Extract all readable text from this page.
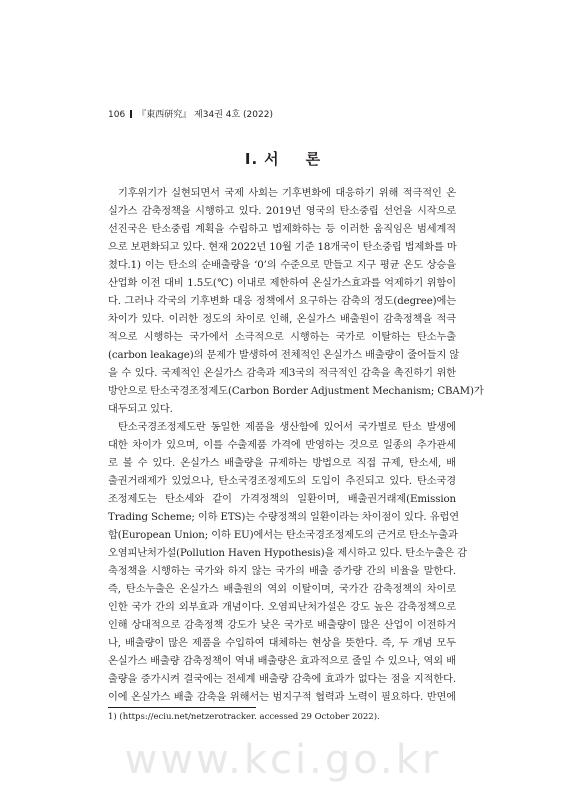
106 『東西硏究』 제34권 4호 (2022)
Ⅰ. 서 론
기후위기가 실현되면서 국제 사회는 기후변화에 대응하기 위해 적극적인 온
실가스 감축정책을 시행하고 있다. 2019년 영국의 탄소중립 선언을 시작으로
선진국은 탄소중립 계획을 수립하고 법제화하는 등 이러한 움직임은 범세계적
으로 보편화되고 있다. 현재 2022년 10월 기준 18개국이 탄소중립 법제화를 마
쳤다.1) 이는 탄소의 순배출량을 ‘0’의 수준으로 만들고 지구 평균 온도 상승을
산업화 이전 대비 1.5도(℃) 이내로 제한하여 온실가스효과를 억제하기 위함이
다. 그러나 각국의 기후변화 대응 정책에서 요구하는 감축의 정도(degree)에는
차이가 있다. 이러한 정도의 차이로 인해, 온실가스 배출원이 감축정책을 적극
적으로 시행하는 국가에서 소극적으로 시행하는 국가로 이탈하는 탄소누출
(carbon leakage)의 문제가 발생하여 전체적인 온실가스 배출량이 줄어들지 않
을 수 있다. 국제적인 온실가스 감축과 제3국의 적극적인 감축을 촉진하기 위한
방안으로 탄소국경조정제도(Carbon Border Adjustment Mechanism; CBAM)가
대두되고 있다.
탄소국경조정제도란 동일한 제품을 생산함에 있어서 국가별로 탄소 발생에
대한 차이가 있으며, 이를 수출제품 가격에 반영하는 것으로 일종의 추가관세
로 볼 수 있다. 온실가스 배출량을 규제하는 방법으로 직접 규제, 탄소세, 배
출권거래제가 있었으나, 탄소국경조정제도의 도입이 추진되고 있다. 탄소국경
조정제도는 탄소세와 같이 가격정책의 일환이며, 배출권거래제(Emission
Trading Scheme; 이하 ETS)는 수량정책의 일환이라는 차이점이 있다. 유럽연
합(European Union; 이하 EU)에서는 탄소국경조정제도의 근거로 탄소누출과
오염피난처가설(Pollution Haven Hypothesis)을 제시하고 있다. 탄소누출은 감
축정책을 시행하는 국가와 하지 않는 국가의 배출 증가량 간의 비율을 말한다.
즉, 탄소누출은 온실가스 배출원의 역외 이탈이며, 국가간 감축정책의 차이로
인한 국가 간의 외부효과 개념이다. 오염피난처가설은 강도 높은 감축정책으로
인해 상대적으로 감축정책 강도가 낮은 국가로 배출량이 많은 산업이 이전하거
나, 배출량이 많은 제품을 수입하여 대체하는 현상을 뜻한다. 즉, 두 개념 모두
온실가스 배출량 감축정책이 역내 배출량은 효과적으로 줄일 수 있으나, 역외 배
출량을 증가시켜 결국에는 전세계 배출량 감축에 효과가 없다는 점을 지적한다.
이에 온실가스 배출 감축을 위해서는 범지구적 협력과 노력이 필요하다. 반면에
1) (https://eciu.net/netzerotracker. accessed 29 October 2022).
www.kci.go.kr
